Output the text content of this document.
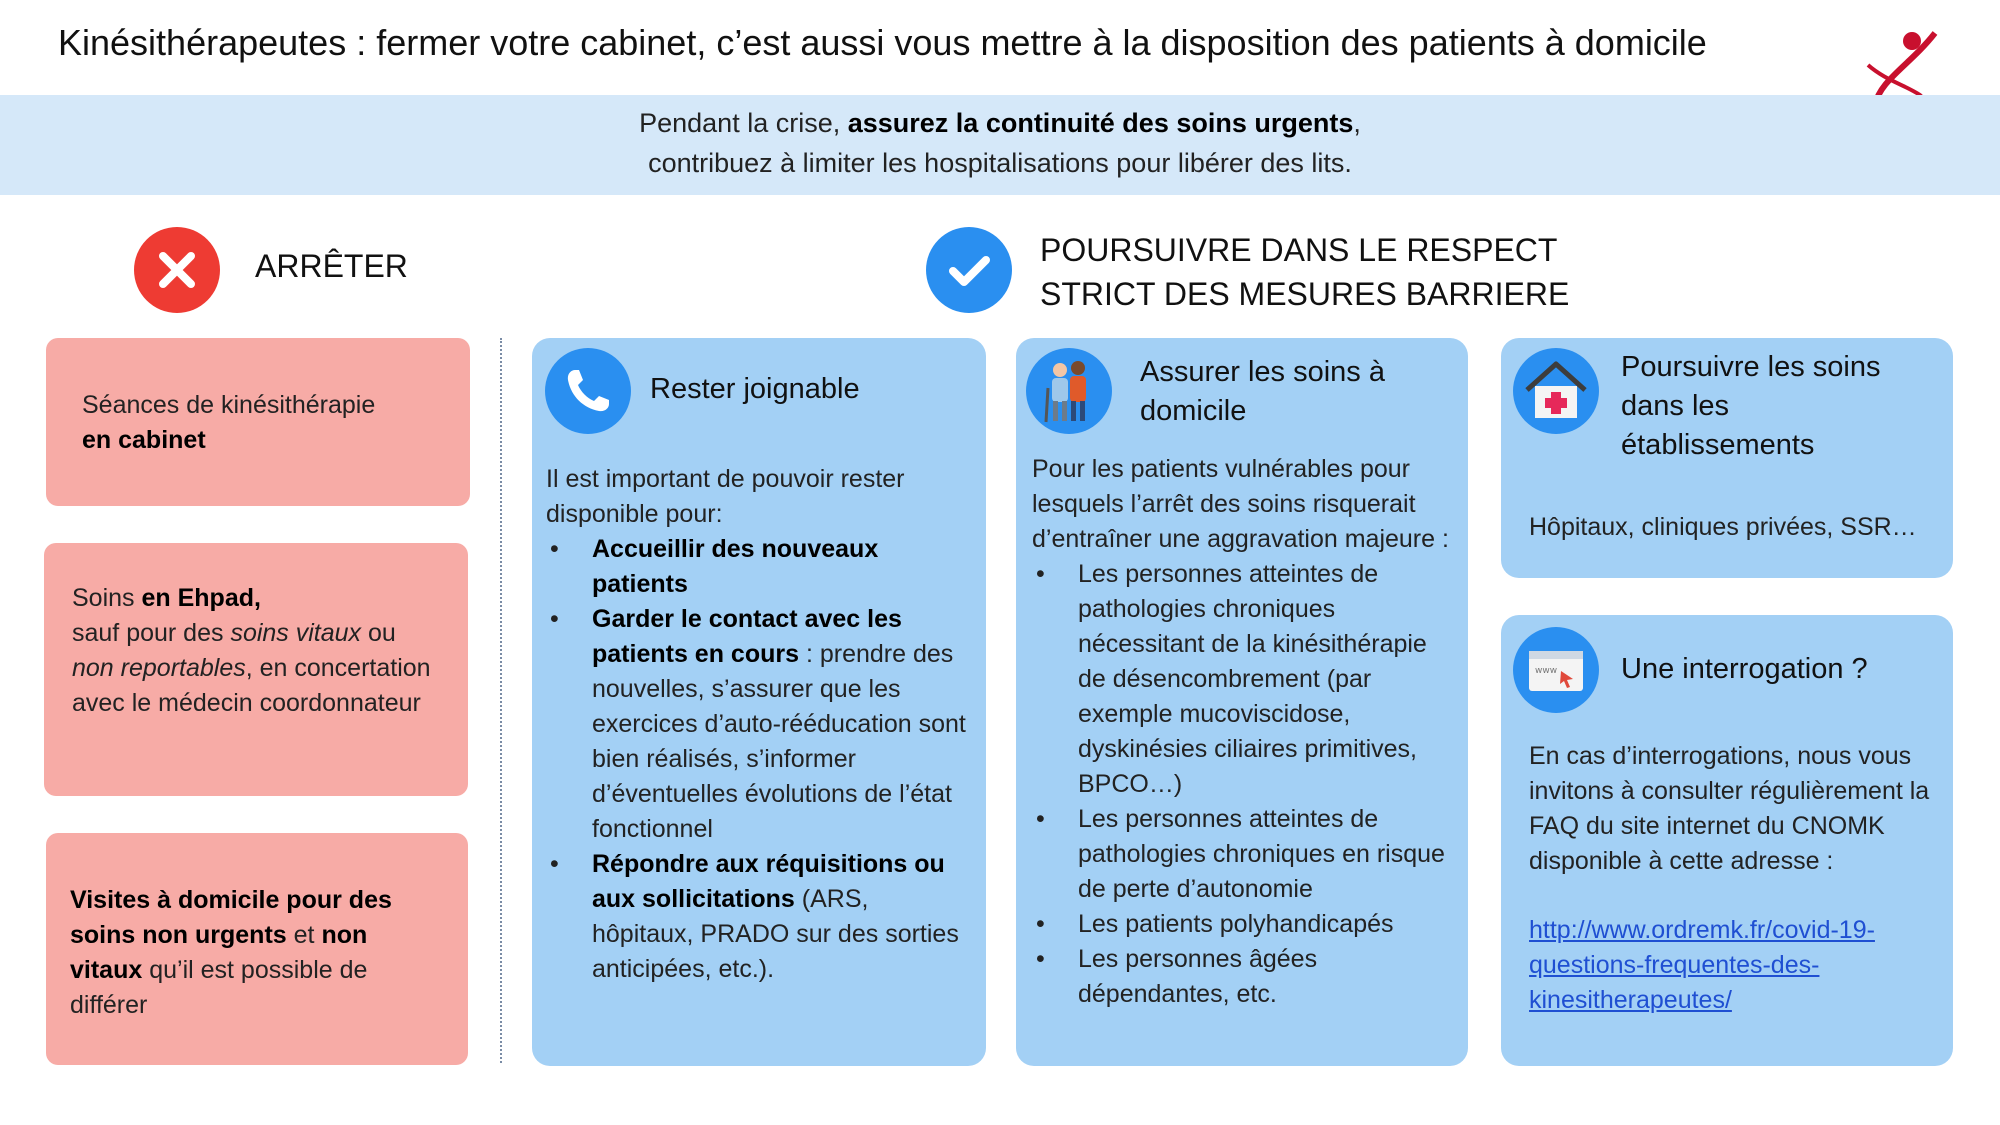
Kinésithérapeutes : fermer votre cabinet, c’est aussi vous mettre à la disposition des patients à domicile
Pendant la crise, assurez la continuité des soins urgents,
contribuez à limiter les hospitalisations pour libérer des lits.
ARRÊTER	POURSUIVRE DANS LE RESPECT
STRICT DES MESURES BARRIERE
Séances de kinésithérapie
en cabinet
Soins en Ehpad,
sauf pour des soins vitaux ou
non reportables, en concertation avec le médecin coordonnateur
Visites à domicile pour des soins non urgents et non vitaux qu’il est possible de différer
Rester joignable
Il est important de pouvoir rester disponible pour:
• Accueillir des nouveaux patients
• Garder le contact avec les patients en cours : prendre des nouvelles, s’assurer que les exercices d’auto-rééducation sont bien réalisés, s’informer d’éventuelles évolutions de l’état fonctionnel
• Répondre aux réquisitions ou aux sollicitations (ARS, hôpitaux, PRADO sur des sorties anticipées, etc.).
Assurer les soins à
domicile
Pour les patients vulnérables pour lesquels l’arrêt des soins risquerait d’entraîner une aggravation majeure :
• Les personnes atteintes de pathologies chroniques nécessitant de la kinésithérapie de désencombrement (par exemple mucoviscidose, dyskinésies ciliaires primitives, BPCO…)
• Les personnes atteintes de pathologies chroniques en risque de perte d’autonomie
• Les patients polyhandicapés
• Les personnes âgées dépendantes, etc.
Poursuivre les soins
dans les
établissements
Hôpitaux, cliniques privées, SSR…
www Une interrogation ?
En cas d’interrogations, nous vous invitons à consulter régulièrement la FAQ du site internet du CNOMK disponible à cette adresse :
http://www.ordremk.fr/covid-19-
questions-frequentes-des-
kinesitherapeutes/
